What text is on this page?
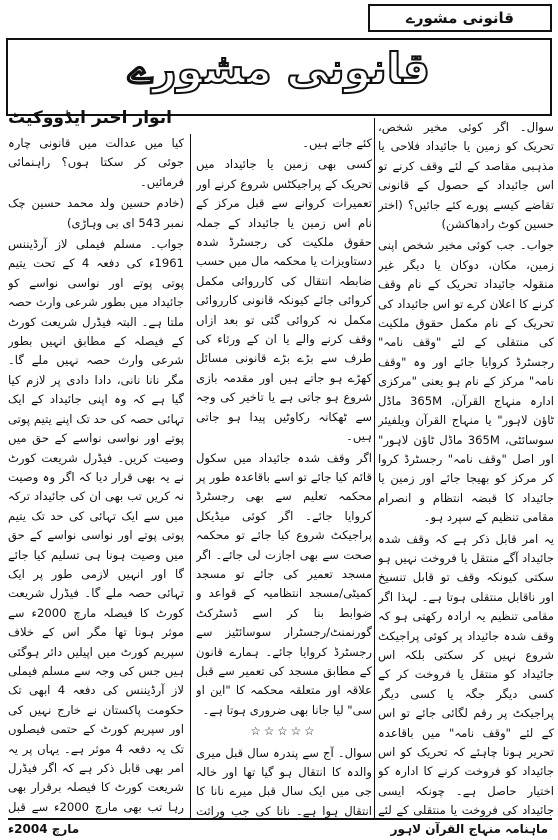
قانونی مشورے
قانونی مشورے
انوار اختر ایڈووکیٹ	سوال۔ اگر کوئی مخیر شخص، تحریک کو زمین یا جائیداد فلاحی یا مذہبی مقاصد کے لئے وقف کرنے تو اس جائیداد کے حصول کے قانونی تقاضے کیسے پورے کئے جائیں؟ (اختر حسین کوٹ رادھاکشن)

جواب۔ جب کوئی مخیر شخص اپنی زمین، مکان، دوکان یا دیگر غیر منقولہ جائیداد تحریک کے نام وقف کرنے کا اعلان کرے تو اس جائیداد کی تحریک کے نام مکمل حقوق ملکیت کی منتقلی کے لئے "وقف نامہ" رجسٹرڈ کروایا جائے اور وہ "وقف نامہ" مرکز کے نام ہو یعنی "مرکزی ادارہ منہاج القرآن، 365M ماڈل ٹاؤن لاہور" یا منہاج القرآن ویلفیئر سوسائٹی، 365M ماڈل ٹاؤن لاہور" اور اصل "وقف نامہ" رجسٹرڈ کروا کر مرکز کو بھیجا جائے اور زمین یا جائیداد کا قبضہ انتظام و انصرام مقامی تنظیم کے سپرد ہو۔

یہ امر قابل ذکر ہے کہ وقف شدہ جائیداد آگے منتقل یا فروخت نہیں ہو سکتی کیونکہ وقف تو قابل تنسیخ اور ناقابل منتقلی ہوتا ہے۔ لہذا اگر مقامی تنظیم یہ ارادہ رکھتی ہو کہ وقف شدہ جائیداد پر کوئی پراجیکٹ شروع نہیں کر سکتی بلکہ اس جائیداد کو منتقل یا فروخت کر کے کسی دیگر جگہ یا کسی دیگر پراجیکٹ پر رقم لگائی جائے تو اس کے لئے "وقف نامہ" میں باقاعدہ تحریر ہونا چاہئے کہ تحریک کو اس جائیداد کو فروخت کرنے کا ادارہ کو اختیار حاصل ہے۔ چونکہ ایسی جائیداد کی فروخت یا منتقلی کے لئے

کئے جاتے ہیں۔

کسی بھی زمین یا جائیداد میں تحریک کے پراجیکٹس شروع کرنے اور تعمیرات کروانے سے قبل مرکز کے نام اس زمین یا جائیداد کے جملہ حقوق ملکیت کی رجسٹرڈ شدہ دستاویزات یا محکمہ مال میں حسب ضابطہ انتقال کی کارروائی مکمل کروائی جائے کیونکہ قانونی کارروائی مکمل نہ کروائی گئی تو بعد ازاں وقف کرنے والے یا ان کے ورثاء کی طرف سے بڑے بڑے قانونی مسائل کھڑے ہو جاتے ہیں اور مقدمہ بازی شروع ہو جاتی ہے یا تاخیر کی وجہ سے ٹھکانہ رکاوٹیں پیدا ہو جاتی ہیں۔

اگر وقف شدہ جائیداد میں سکول قائم کیا جائے تو اسے باقاعدہ طور پر محکمہ تعلیم سے بھی رجسٹرڈ کروایا جائے۔ اگر کوئی میڈیکل پراجیکٹ شروع کیا جائے تو محکمہ صحت سے بھی اجازت لی جائے۔ اگر مسجد تعمیر کی جائے تو مسجد کمیٹی/مسجد انتظامیہ کے قواعد و ضوابط بنا کر اسے ڈسٹرکٹ گورنمنٹ/رجسٹرار سوسائٹیز سے رجسٹرڈ کروایا جائے۔ ہمارے قانون کے مطابق مسجد کی تعمیر سے قبل علاقہ اور متعلقہ محکمہ کا "این او سی" لیا جانا بھی ضروری ہوتا ہے۔

☆☆☆☆☆

سوال۔ آج سے پندرہ سال قبل میری والدہ کا انتقال ہو گیا تھا اور خالہ جی میں ایک سال قبل میرے نانا کا انتقال ہوا ہے۔ نانا کی جب وراثت

کیا میں عدالت میں قانونی چارہ جوئی کر سکتا ہوں؟ راہنمائی فرمائیں۔

(خادم حسین ولد محمد حسین چک نمبر 543 ای بی وہاڑی)

جواب۔ مسلم فیملی لاز آرڈیننس 1961ء کی دفعہ 4 کے تحت یتیم پوتی پوتے اور نواسی نواسے کو جائیداد میں بطور شرعی وارث حصہ ملتا ہے۔ البتہ فیڈرل شریعت کورٹ کے فیصلہ کے مطابق انہیں بطور شرعی وارث حصہ نہیں ملے گا۔ مگر نانا نانی، دادا دادی پر لازم کیا گیا ہے کہ وہ اپنی جائیداد کے ایک تہائی حصہ کی حد تک اپنے یتیم پوتی پوتے اور نواسی نواسے کے حق میں وصیت کریں۔ فیڈرل شریعت کورٹ نے یہ بھی قرار دیا کہ اگر وہ وصیت نہ کریں تب بھی ان کی جائیداد ترکہ میں سے ایک تہائی کی حد تک یتیم پوتی پوتے اور نواسی نواسے کے حق میں وصیت ہونا ہی تسلیم کیا جائے گا اور انہیں لازمی طور پر ایک تہائی حصہ ملے گا۔ فیڈرل شریعت کورٹ کا فیصلہ مارچ 2000ء سے موثر ہونا تھا مگر اس کے خلاف سپریم کورٹ میں اپیلیں دائر ہوگئی ہیں جس کی وجہ سے مسلم فیملی لاز آرڈیننس کی دفعہ 4 ابھی تک حکومت پاکستان نے خارج نہیں کی اور سپریم کورٹ کے حتمی فیصلوں تک یہ دفعہ 4 موثر ہے۔ یہاں پر یہ امر بھی قابل ذکر ہے کہ اگر فیڈرل شریعت کورٹ کا فیصلہ برقرار بھی رہا تب بھی مارچ 2000ء سے قبل

ماہنامہ منہاج القرآن لاہور
مارچ 2004ء
